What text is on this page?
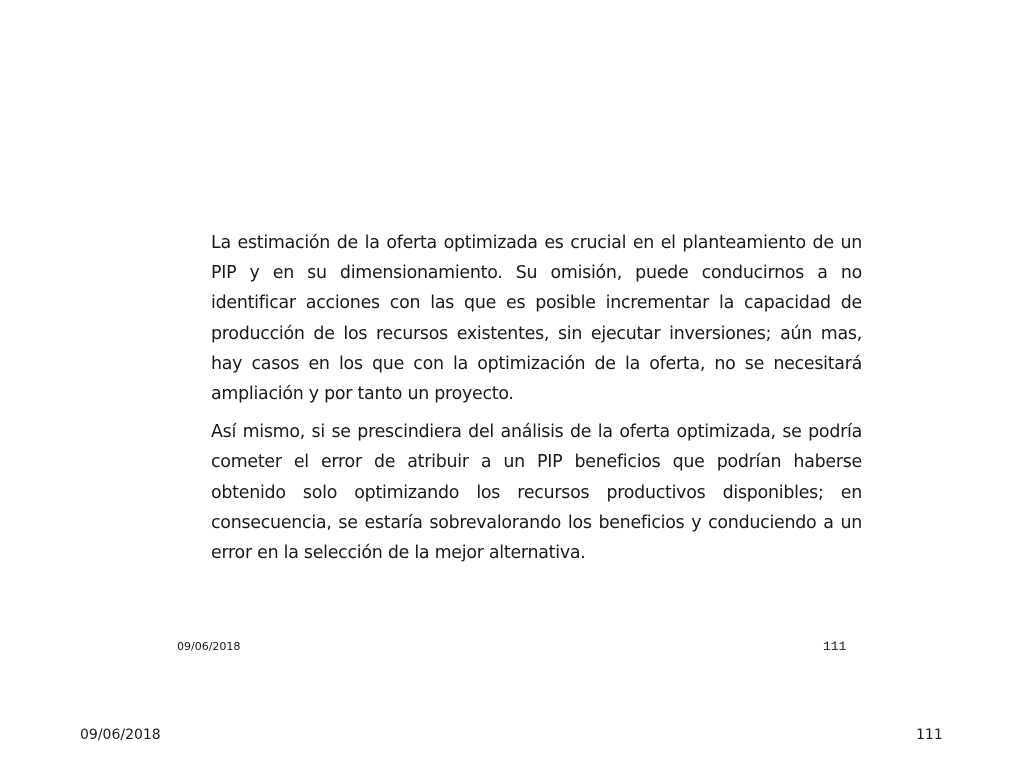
La estimación de la oferta optimizada es crucial en el planteamiento de un PIP y en su dimensionamiento. Su omisión, puede conducirnos a no identificar acciones con las que es posible incrementar la capacidad de producción de los recursos existentes, sin ejecutar inversiones; aún mas, hay casos en los que con la optimización de la oferta, no se necesitará ampliación y por tanto un proyecto.

Así mismo, si se prescindiera del análisis de la oferta optimizada, se podría cometer el error de atribuir a un PIP beneficios que podrían haberse obtenido solo optimizando los recursos productivos disponibles; en consecuencia, se estaría sobrevalorando los beneficios y conduciendo a un error en la selección de la mejor alternativa.

09/06/2018	111
09/06/2018	111
